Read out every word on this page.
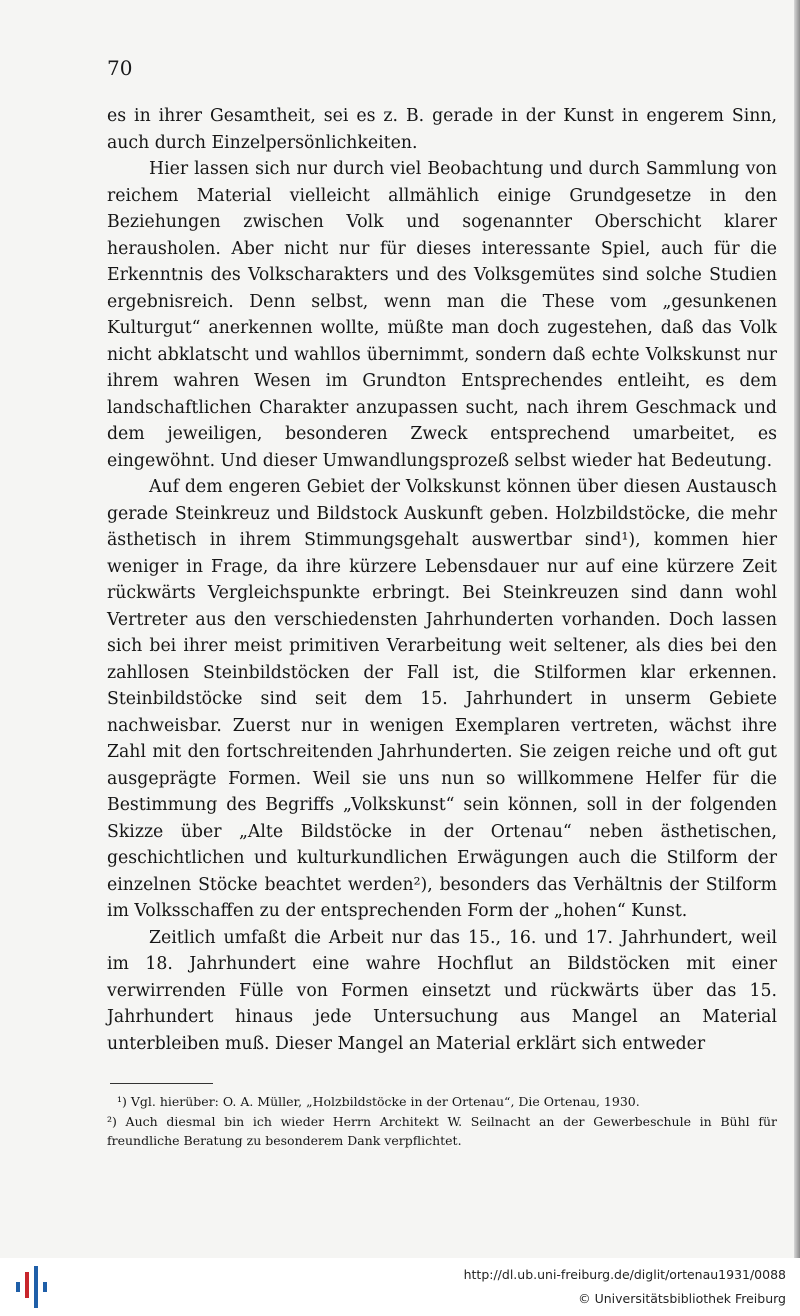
70

es in ihrer Gesamtheit, sei es z. B. gerade in der Kunst in engerem Sinn, auch durch Einzelpersönlichkeiten.

Hier lassen sich nur durch viel Beobachtung und durch Sammlung von reichem Material vielleicht allmählich einige Grundgesetze in den Beziehungen zwischen Volk und sogenannter Oberschicht klarer herausholen. Aber nicht nur für dieses interessante Spiel, auch für die Erkenntnis des Volkscharakters und des Volksgemütes sind solche Studien ergebnisreich. Denn selbst, wenn man die These vom „gesunkenen Kulturgut“ anerkennen wollte, müßte man doch zugestehen, daß das Volk nicht abklatscht und wahllos übernimmt, sondern daß echte Volkskunst nur ihrem wahren Wesen im Grundton Entsprechendes entleiht, es dem landschaftlichen Charakter anzupassen sucht, nach ihrem Geschmack und dem jeweiligen, besonderen Zweck entsprechend umarbeitet, es eingewöhnt. Und dieser Umwandlungsprozeß selbst wieder hat Bedeutung.

Auf dem engeren Gebiet der Volkskunst können über diesen Austausch gerade Steinkreuz und Bildstock Auskunft geben. Holzbildstöcke, die mehr ästhetisch in ihrem Stimmungsgehalt auswertbar sind¹), kommen hier weniger in Frage, da ihre kürzere Lebensdauer nur auf eine kürzere Zeit rückwärts Vergleichspunkte erbringt. Bei Steinkreuzen sind dann wohl Vertreter aus den verschiedensten Jahrhunderten vorhanden. Doch lassen sich bei ihrer meist primitiven Verarbeitung weit seltener, als dies bei den zahllosen Steinbildstöcken der Fall ist, die Stilformen klar erkennen. Steinbildstöcke sind seit dem 15. Jahrhundert in unserm Gebiete nachweisbar. Zuerst nur in wenigen Exemplaren vertreten, wächst ihre Zahl mit den fortschreitenden Jahrhunderten. Sie zeigen reiche und oft gut ausgeprägte Formen. Weil sie uns nun so willkommene Helfer für die Bestimmung des Begriffs „Volkskunst“ sein können, soll in der folgenden Skizze über „Alte Bildstöcke in der Ortenau“ neben ästhetischen, geschichtlichen und kulturkundlichen Erwägungen auch die Stilform der einzelnen Stöcke beachtet werden²), besonders das Verhältnis der Stilform im Volksschaffen zu der entsprechenden Form der „hohen“ Kunst.

Zeitlich umfaßt die Arbeit nur das 15., 16. und 17. Jahrhundert, weil im 18. Jahrhundert eine wahre Hochflut an Bildstöcken mit einer verwirrenden Fülle von Formen einsetzt und rückwärts über das 15. Jahrhundert hinaus jede Untersuchung aus Mangel an Material unterbleiben muß. Dieser Mangel an Material erklärt sich entweder

¹) Vgl. hierüber: O. A. Müller, „Holzbildstöcke in der Ortenau“, Die Ortenau, 1930.

²) Auch diesmal bin ich wieder Herrn Architekt W. Seilnacht an der Gewerbeschule in Bühl für freundliche Beratung zu besonderem Dank verpflichtet.

http://dl.ub.uni-freiburg.de/diglit/ortenau1931/0088
© Universitätsbibliothek Freiburg
